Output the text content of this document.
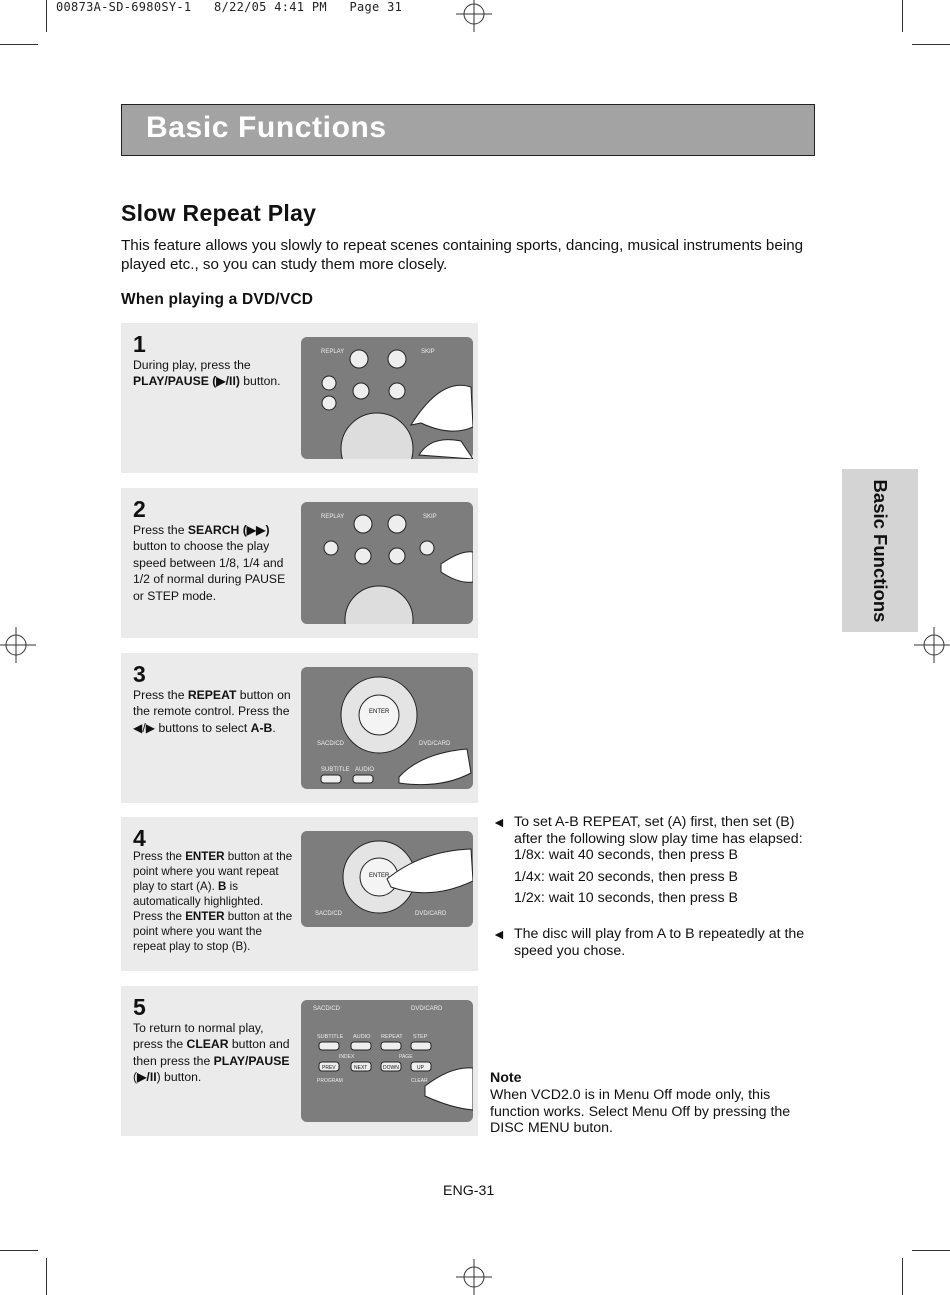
00873A-SD-6980SY-1   8/22/05 4:41 PM   Page 31
Basic Functions
Slow Repeat Play
This feature allows you slowly to repeat scenes containing sports, dancing, musical instruments being played etc., so you can study them more closely.
When playing a DVD/VCD
1
During play, press the PLAY/PAUSE (▶/II) button.
REPLAY	SKIP
2
Press the SEARCH (▶▶) button to choose the play speed between 1/8, 1/4 and 1/2 of normal during PAUSE or STEP mode.
REPLAY	SKIP
3
Press the REPEAT button on the remote control. Press the ◀/▶ buttons to select A-B.
ENTER
SACD/CD	DVD/CARD
SUBTITLE AUDIO
4
Press the ENTER button at the point where you want repeat play to start (A). B is automatically highlighted. Press the ENTER button at the point where you want the repeat play to stop (B).
ENTER
SACD/CD	DVD/CARD
5
To return to normal play, press the CLEAR button and then press the PLAY/PAUSE (▶/II) button.
SACD/CD	DVD/CARD
SUBTITLE AUDIO REPEAT STEP
INDEX	PAGE
PREV	NEXT	DOWN	UP
PROGRAM	CLEAR
◄ To set A-B REPEAT, set (A) first, then set (B) after the following slow play time has elapsed:
1/8x: wait 40 seconds, then press B
1/4x: wait 20 seconds, then press B
1/2x: wait 10 seconds, then press B
◄ The disc will play from A to B repeatedly at the speed you chose.
Note
When VCD2.0 is in Menu Off mode only, this function works. Select Menu Off by pressing the DISC MENU buton.
Basic Functions
ENG-31
